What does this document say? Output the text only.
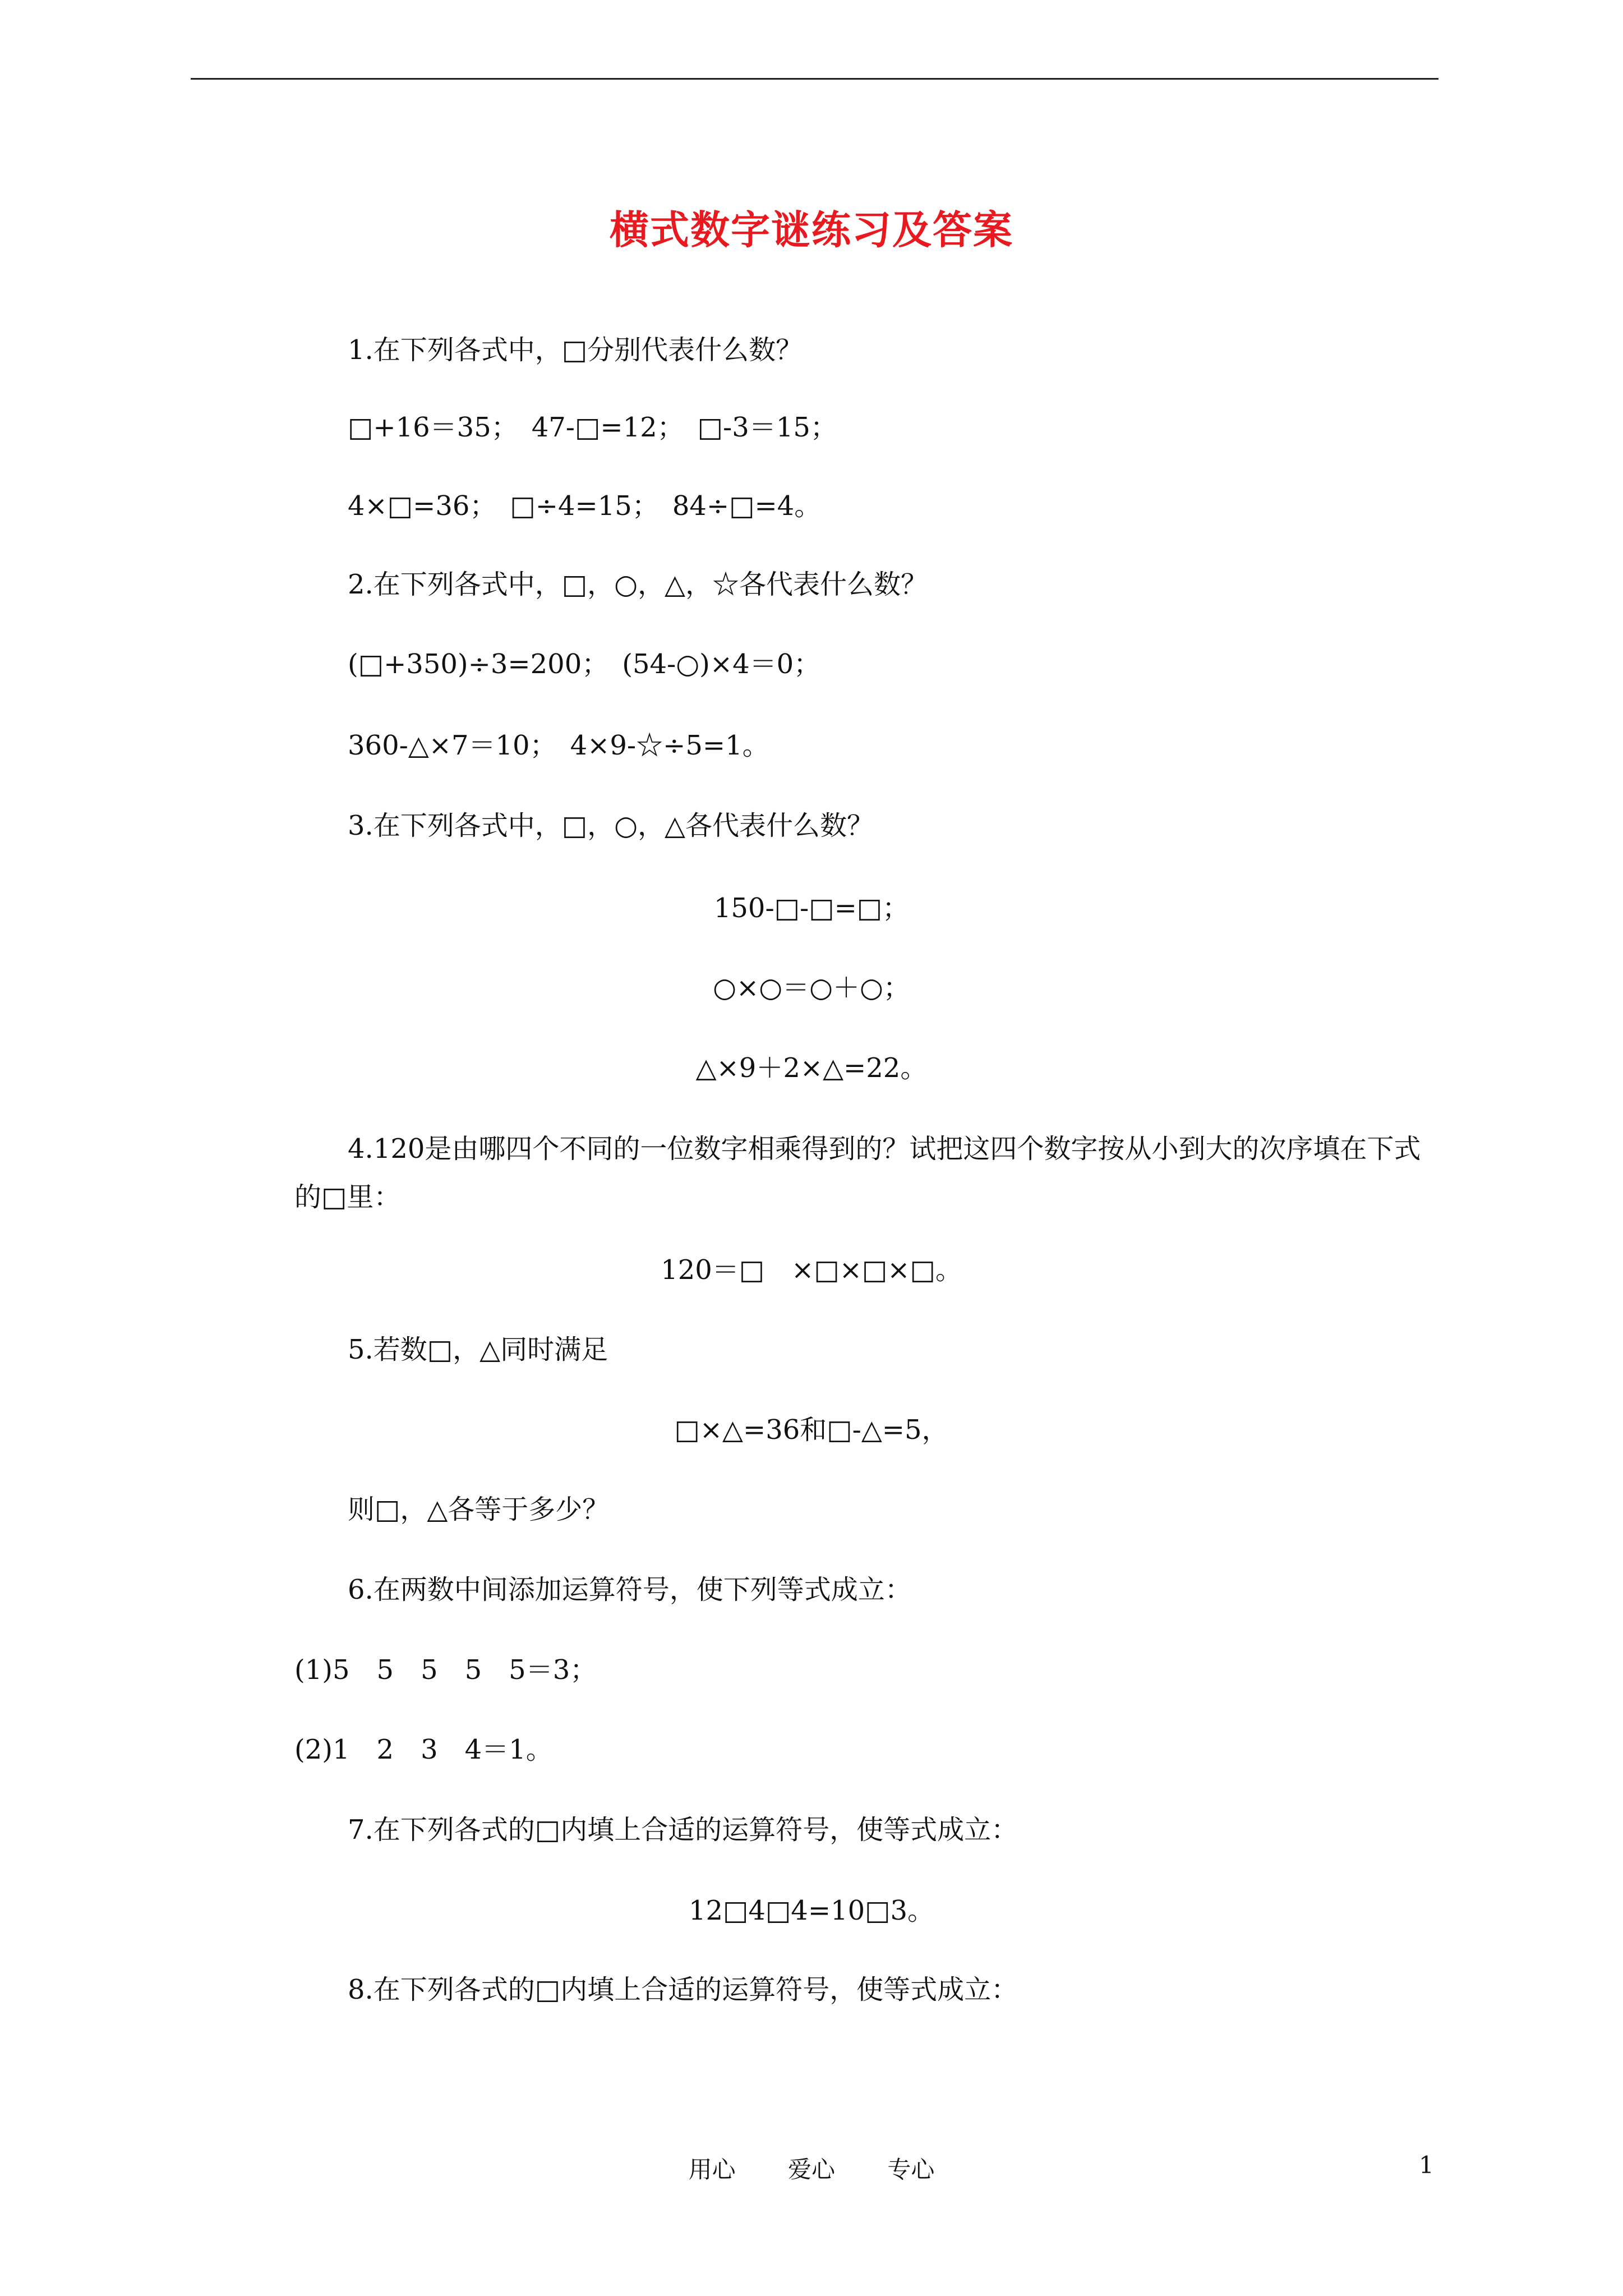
横式数字谜练习及答案
1.在下列各式中，□分别代表什么数？
□+16＝35；　47-□=12；　□-3＝15；
4×□=36；　□÷4=15；　84÷□=4。
2.在下列各式中，□，○，△，☆各代表什么数？
(□+350)÷3=200；　(54-○)×4＝0；
360-△×7＝10；　4×9-☆÷5=1。
3.在下列各式中，□，○，△各代表什么数？
150-□-□=□；
○×○＝○＋○；
△×9＋2×△=22。
4.120是由哪四个不同的一位数字相乘得到的？试把这四个数字按从小到大的次序填在下式的□里：
120＝□　×□×□×□。
5.若数□，△同时满足
□×△=36和□-△=5，
则□，△各等于多少？
6.在两数中间添加运算符号，使下列等式成立：
(1)5　5　5　5　5＝3；
(2)1　2　3　4＝1。
7.在下列各式的□内填上合适的运算符号，使等式成立：
12□4□4=10□3。
8.在下列各式的□内填上合适的运算符号，使等式成立：
用心 爱心 专心	1
